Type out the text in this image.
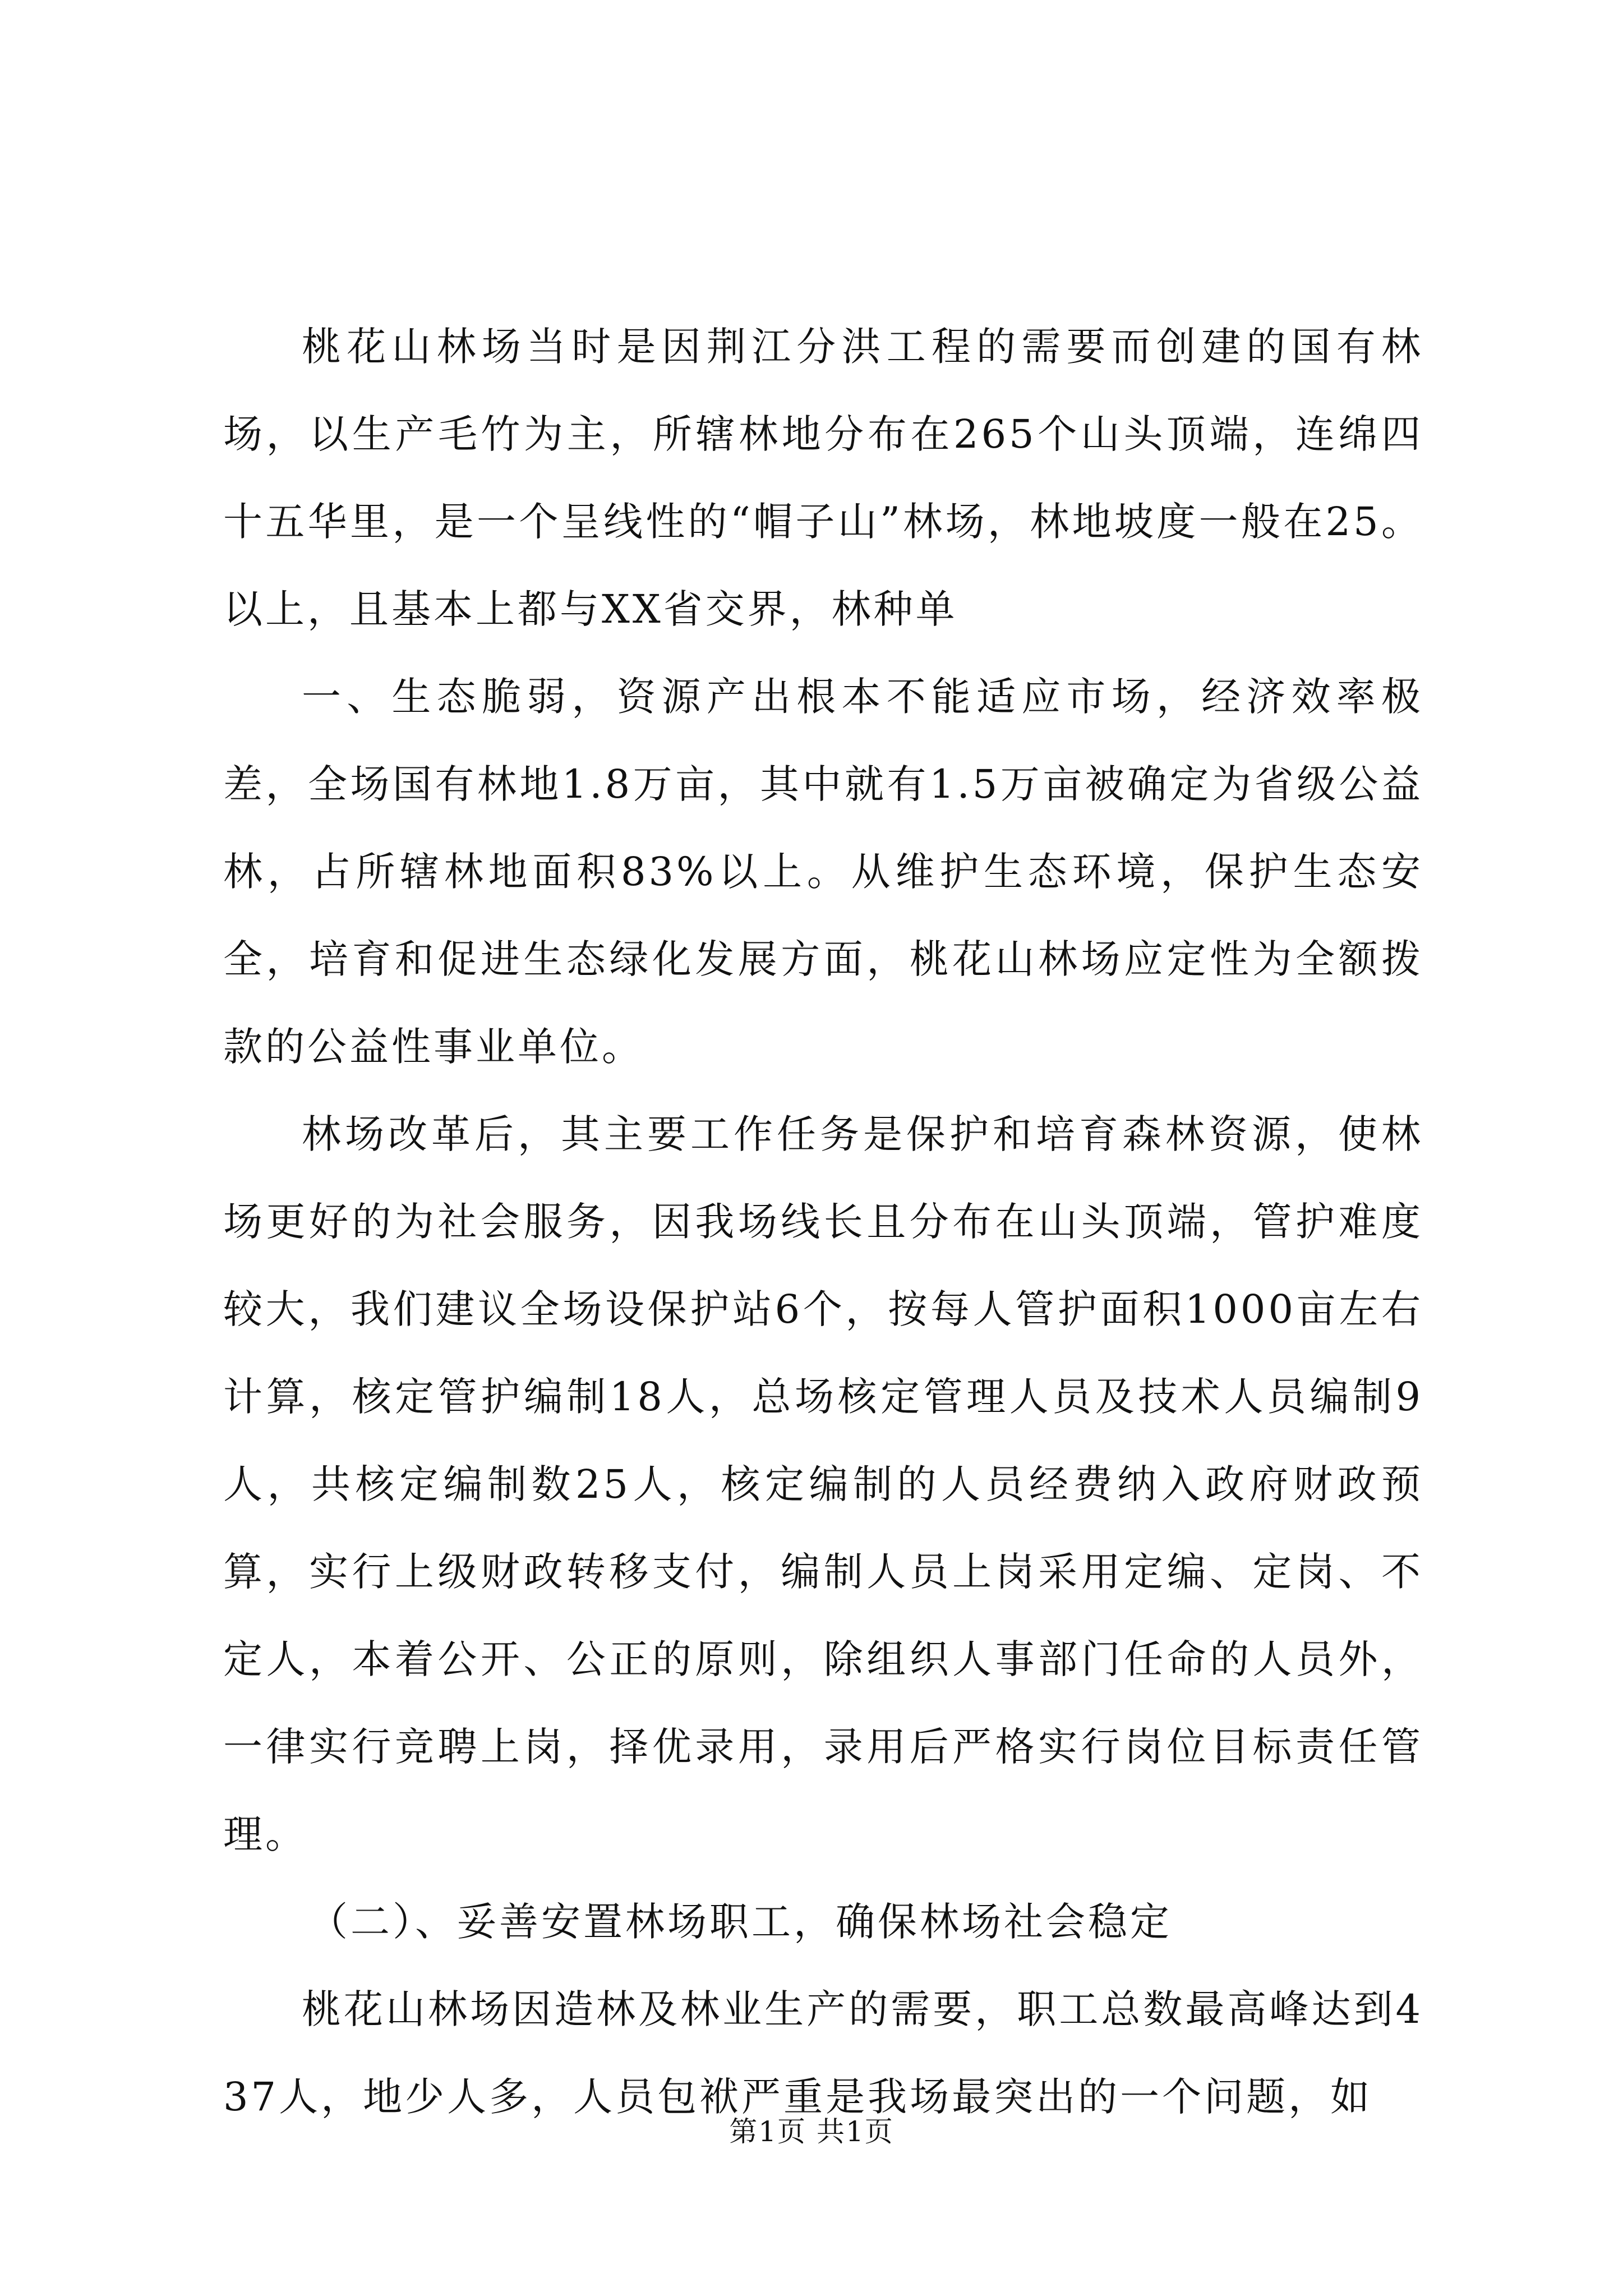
桃花山林场当时是因荆江分洪工程的需要而创建的国有林场，以生产毛竹为主，所辖林地分布在265个山头顶端，连绵四十五华里，是一个呈线性的“帽子山”林场，林地坡度一般在25。以上，且基本上都与XX省交界，林种单

一、生态脆弱，资源产出根本不能适应市场，经济效率极差，全场国有林地1.8万亩，其中就有1.5万亩被确定为省级公益林，占所辖林地面积83%以上。从维护生态环境，保护生态安全，培育和促进生态绿化发展方面，桃花山林场应定性为全额拨款的公益性事业单位。

林场改革后，其主要工作任务是保护和培育森林资源，使林场更好的为社会服务，因我场线长且分布在山头顶端，管护难度较大，我们建议全场设保护站6个，按每人管护面积1000亩左右计算，核定管护编制18人，总场核定管理人员及技术人员编制9人，共核定编制数25人，核定编制的人员经费纳入政府财政预算，实行上级财政转移支付，编制人员上岗采用定编、定岗、不定人，本着公开、公正的原则，除组织人事部门任命的人员外，一律实行竞聘上岗，择优录用，录用后严格实行岗位目标责任管理。

（二）、妥善安置林场职工，确保林场社会稳定

桃花山林场因造林及林业生产的需要，职工总数最高峰达到437人，地少人多，人员包袱严重是我场最突出的一个问题，如

第1页 共1页
